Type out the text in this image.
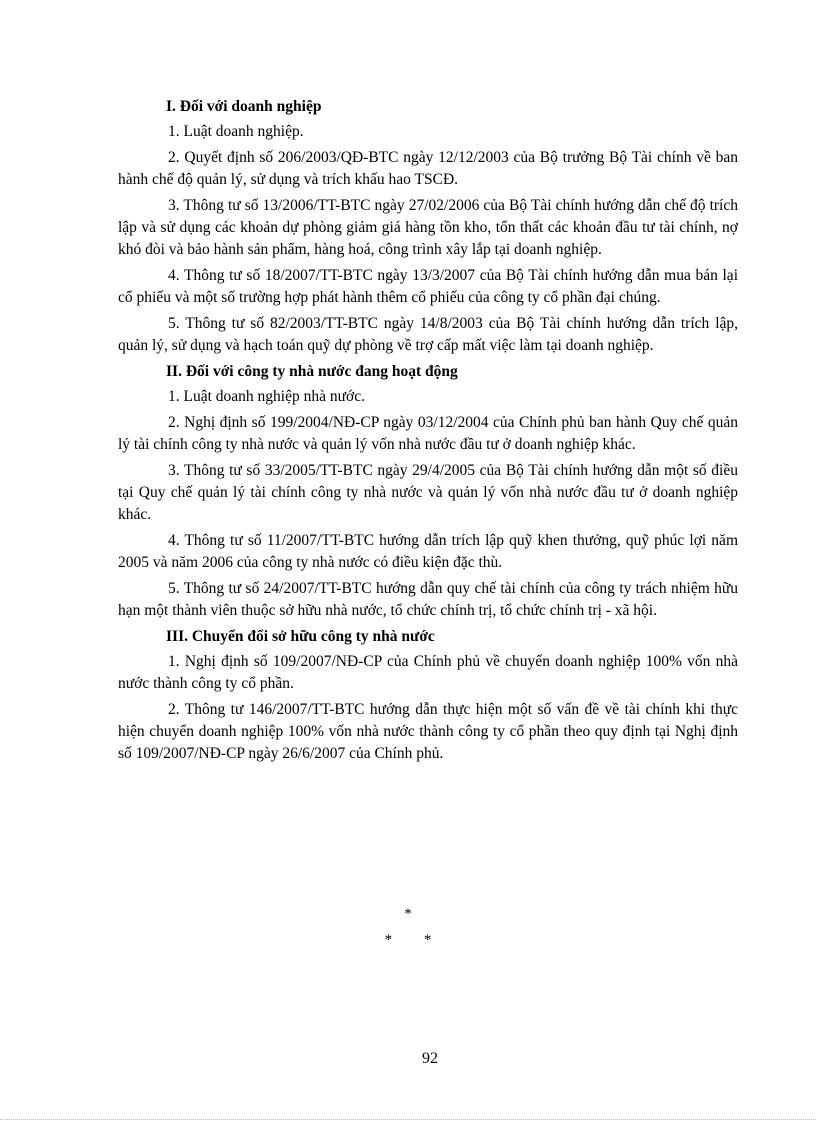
I. Đối với doanh nghiệp

1. Luật doanh nghiệp.

2. Quyết định số 206/2003/QĐ-BTC ngày 12/12/2003 của Bộ trưởng Bộ Tài chính về ban hành chế độ quản lý, sử dụng và trích khấu hao TSCĐ.

3. Thông tư số 13/2006/TT-BTC ngày 27/02/2006 của Bộ Tài chính hướng dẫn chế độ trích lập và sử dụng các khoản dự phòng giảm giá hàng tồn kho, tổn thất các khoản đầu tư tài chính, nợ khó đòi và bảo hành sản phẩm, hàng hoá, công trình xây lắp tại doanh nghiệp.

4. Thông tư số 18/2007/TT-BTC ngày 13/3/2007 của Bộ Tài chính hướng dẫn mua bán lại cổ phiếu và một số trường hợp phát hành thêm cổ phiếu của công ty cổ phần đại chúng.

5. Thông tư số 82/2003/TT-BTC ngày 14/8/2003 của Bộ Tài chính hướng dẫn trích lập, quản lý, sử dụng và hạch toán quỹ dự phòng về trợ cấp mất việc làm tại doanh nghiệp.

II. Đối với công ty nhà nước đang hoạt động

1. Luật doanh nghiệp nhà nước.

2. Nghị định số 199/2004/NĐ-CP ngày 03/12/2004 của Chính phủ ban hành Quy chế quản lý tài chính công ty nhà nước và quản lý vốn nhà nước đầu tư ở doanh nghiệp khác.

3. Thông tư số 33/2005/TT-BTC ngày 29/4/2005 của Bộ Tài chính hướng dẫn một số điều tại Quy chế quản lý tài chính công ty nhà nước và quản lý vốn nhà nước đầu tư ở doanh nghiệp khác.

4. Thông tư số 11/2007/TT-BTC hướng dẫn trích lập quỹ khen thưởng, quỹ phúc lợi năm 2005 và năm 2006 của công ty nhà nước có điều kiện đặc thù.

5. Thông tư số 24/2007/TT-BTC hướng dẫn quy chế tài chính của công ty trách nhiệm hữu hạn một thành viên thuộc sở hữu nhà nước, tổ chức chính trị, tổ chức chính trị - xã hội.

III. Chuyển đổi sở hữu công ty nhà nước

1. Nghị định số 109/2007/NĐ-CP của Chính phủ về chuyển doanh nghiệp 100% vốn nhà nước thành công ty cổ phần.

2. Thông tư 146/2007/TT-BTC hướng dẫn thực hiện một số vấn đề về tài chính khi thực hiện chuyển doanh nghiệp 100% vốn nhà nước thành công ty cổ phần theo quy định tại Nghị định số 109/2007/NĐ-CP ngày 26/6/2007 của Chính phủ.

*
* *
92
